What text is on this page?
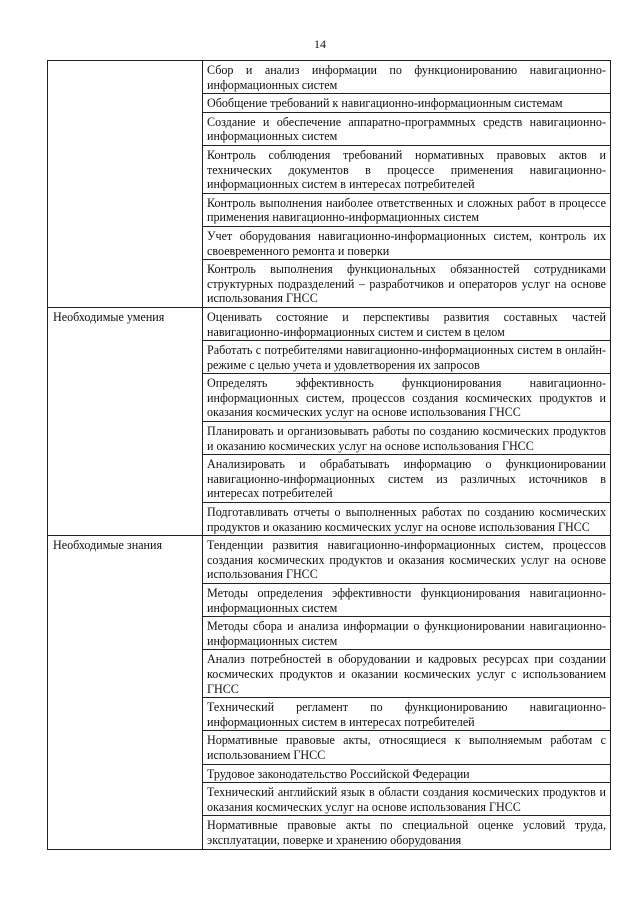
14
	Сбор и анализ информации по функционированию навигационно-информационных систем
	Обобщение требований к навигационно-информационным системам
	Создание и обеспечение аппаратно-программных средств навигационно-информационных систем
	Контроль соблюдения требований нормативных правовых актов и технических документов в процессе применения навигационно-информационных систем в интересах потребителей
	Контроль выполнения наиболее ответственных и сложных работ в процессе применения навигационно-информационных систем
	Учет оборудования навигационно-информационных систем, контроль их своевременного ремонта и поверки
	Контроль выполнения функциональных обязанностей сотрудниками структурных подразделений – разработчиков и операторов услуг на основе использования ГНСС
Необходимые умения	Оценивать состояние и перспективы развития составных частей навигационно-информационных систем и систем в целом
	Работать с потребителями навигационно-информационных систем в онлайн-режиме с целью учета и удовлетворения их запросов
	Определять эффективность функционирования навигационно-информационных систем, процессов создания космических продуктов и оказания космических услуг на основе использования ГНСС
	Планировать и организовывать работы по созданию космических продуктов и оказанию космических услуг на основе использования ГНСС
	Анализировать и обрабатывать информацию о функционировании навигационно-информационных систем из различных источников в интересах потребителей
	Подготавливать отчеты о выполненных работах по созданию космических продуктов и оказанию космических услуг на основе использования ГНСС
Необходимые знания	Тенденции развития навигационно-информационных систем, процессов создания космических продуктов и оказания космических услуг на основе использования ГНСС
	Методы определения эффективности функционирования навигационно-информационных систем
	Методы сбора и анализа информации о функционировании навигационно-информационных систем
	Анализ потребностей в оборудовании и кадровых ресурсах при создании космических продуктов и оказании космических услуг с использованием ГНСС
	Технический регламент по функционированию навигационно-информационных систем в интересах потребителей
	Нормативные правовые акты, относящиеся к выполняемым работам с использованием ГНСС
	Трудовое законодательство Российской Федерации
	Технический английский язык в области создания космических продуктов и оказания космических услуг на основе использования ГНСС
	Нормативные правовые акты по специальной оценке условий труда, эксплуатации, поверке и хранению оборудования
